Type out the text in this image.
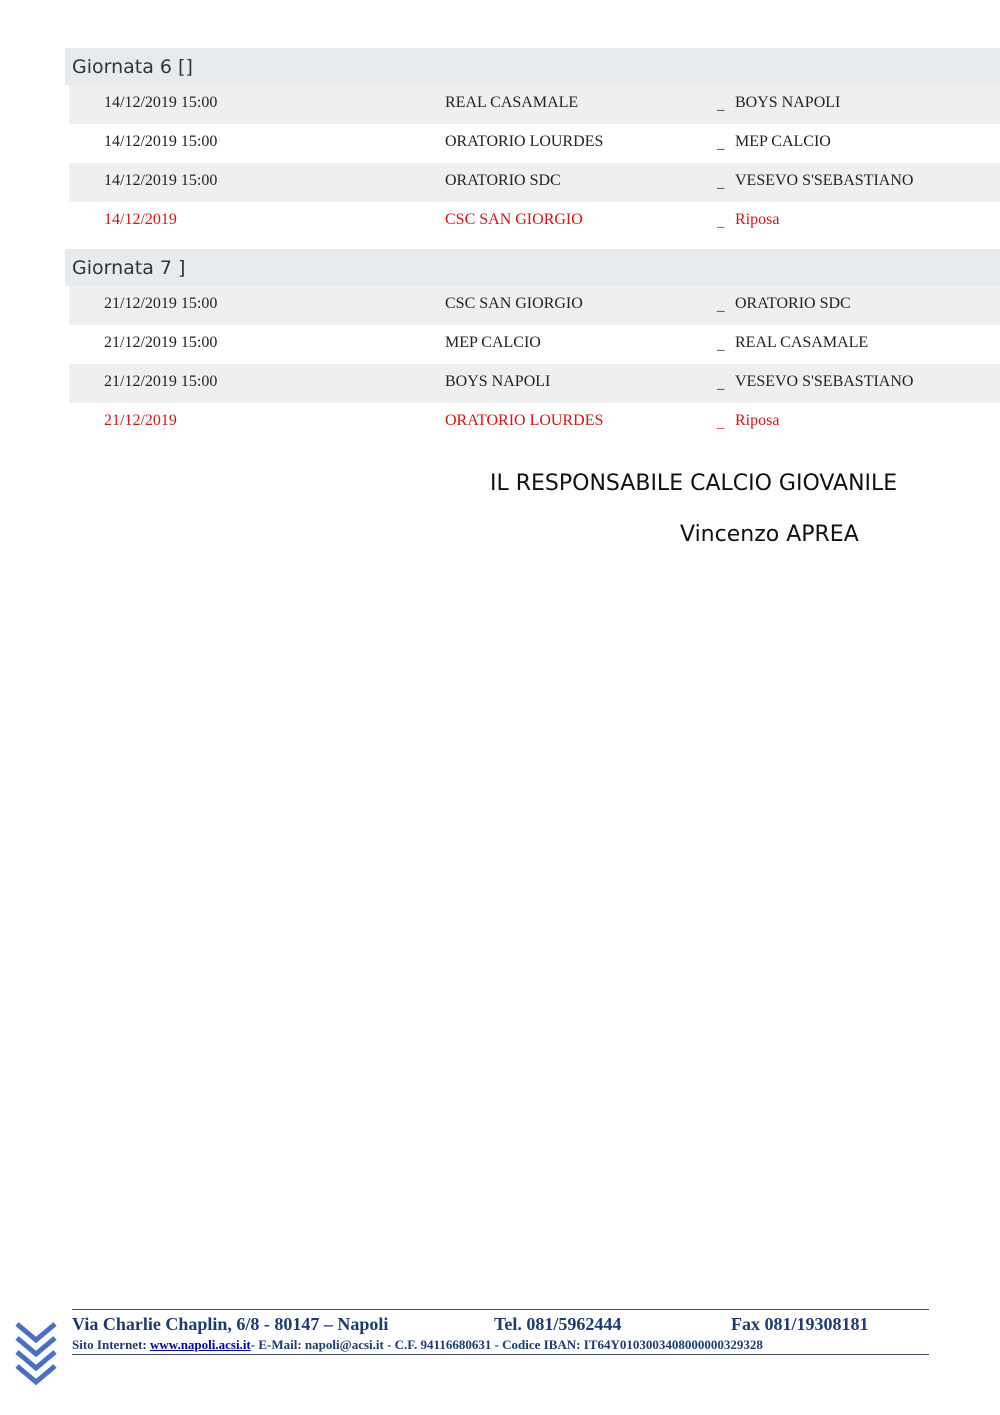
Giornata 6 []
14/12/2019 15:00	REAL CASAMALE	_ BOYS NAPOLI
14/12/2019 15:00	ORATORIO LOURDES	_ MEP CALCIO
14/12/2019 15:00	ORATORIO SDC	_ VESEVO S'SEBASTIANO
14/12/2019	CSC SAN GIORGIO	_ Riposa
Giornata 7 ]
21/12/2019 15:00	CSC SAN GIORGIO	_ ORATORIO SDC
21/12/2019 15:00	MEP CALCIO	_ REAL CASAMALE
21/12/2019 15:00	BOYS NAPOLI	_ VESEVO S'SEBASTIANO
21/12/2019	ORATORIO LOURDES	_ Riposa
IL RESPONSABILE CALCIO GIOVANILE
Vincenzo APREA
Via Charlie Chaplin, 6/8 - 80147 – Napoli	Tel. 081/5962444	Fax 081/19308181
Sito Internet: www.napoli.acsi.it- E-Mail: napoli@acsi.it - C.F. 94116680631 - Codice IBAN: IT64Y0103003408000000329328
